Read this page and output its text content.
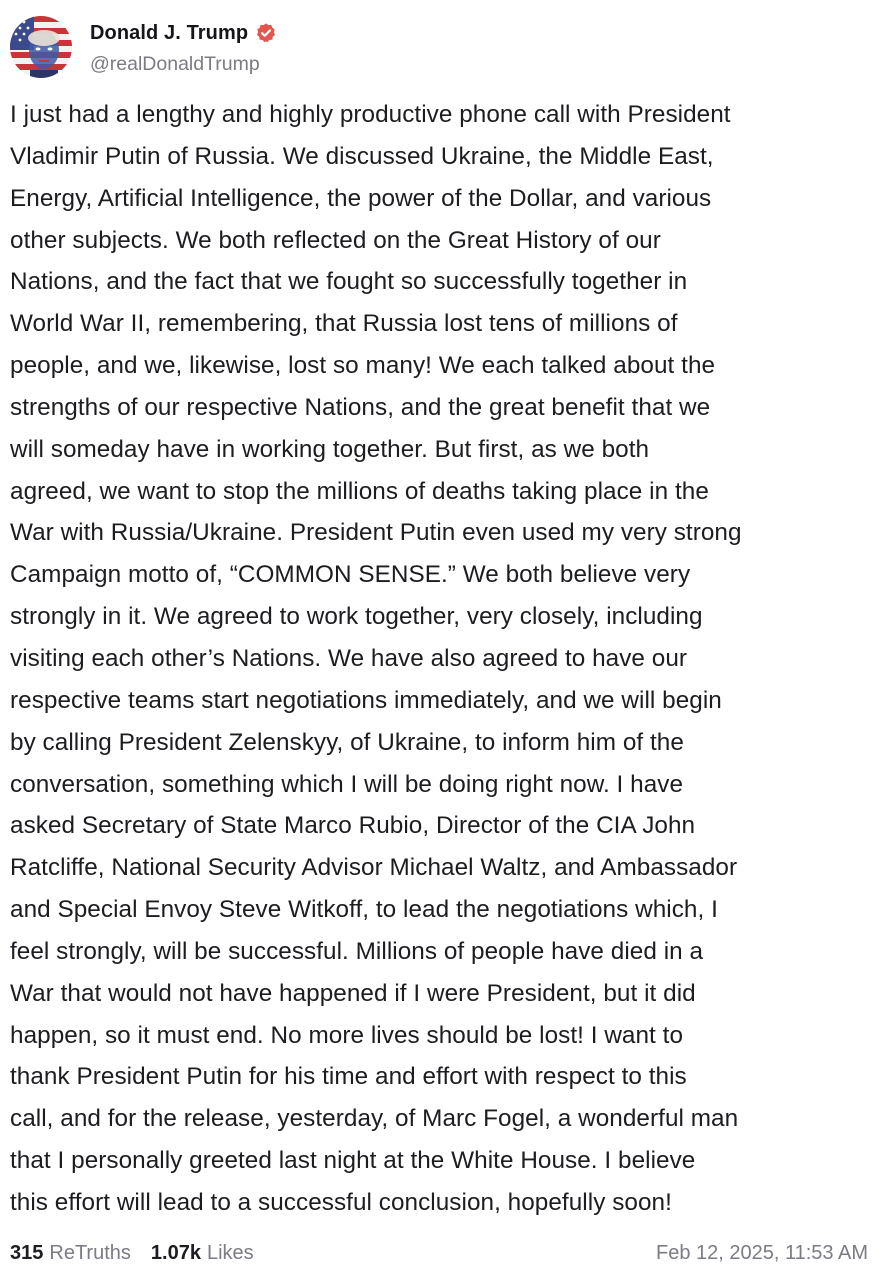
Donald J. Trump
@realDonaldTrump
I just had a lengthy and highly productive phone call with President
Vladimir Putin of Russia. We discussed Ukraine, the Middle East,
Energy, Artificial Intelligence, the power of the Dollar, and various
other subjects. We both reflected on the Great History of our
Nations, and the fact that we fought so successfully together in
World War II, remembering, that Russia lost tens of millions of
people, and we, likewise, lost so many! We each talked about the
strengths of our respective Nations, and the great benefit that we
will someday have in working together. But first, as we both
agreed, we want to stop the millions of deaths taking place in the
War with Russia/Ukraine. President Putin even used my very strong
Campaign motto of, “COMMON SENSE.” We both believe very
strongly in it. We agreed to work together, very closely, including
visiting each other’s Nations. We have also agreed to have our
respective teams start negotiations immediately, and we will begin
by calling President Zelenskyy, of Ukraine, to inform him of the
conversation, something which I will be doing right now. I have
asked Secretary of State Marco Rubio, Director of the CIA John
Ratcliffe, National Security Advisor Michael Waltz, and Ambassador
and Special Envoy Steve Witkoff, to lead the negotiations which, I
feel strongly, will be successful. Millions of people have died in a
War that would not have happened if I were President, but it did
happen, so it must end. No more lives should be lost! I want to
thank President Putin for his time and effort with respect to this
call, and for the release, yesterday, of Marc Fogel, a wonderful man
that I personally greeted last night at the White House. I believe
this effort will lead to a successful conclusion, hopefully soon!
315 ReTruths 1.07k Likes	Feb 12, 2025, 11:53 AM
